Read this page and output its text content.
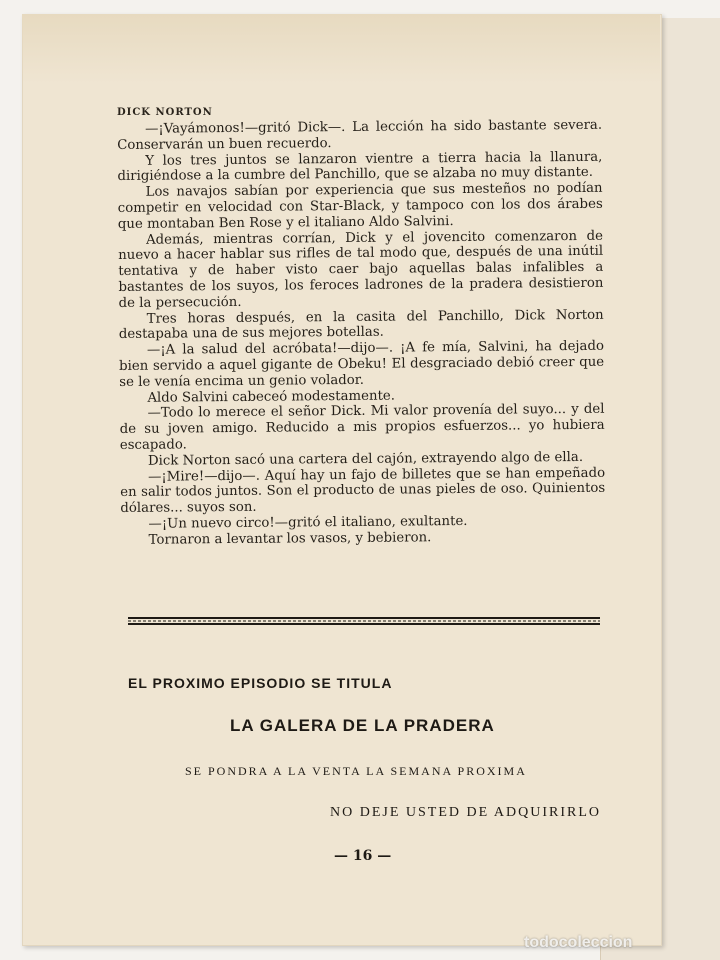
DICK NORTON

—¡Vayámonos!—gritó Dick—. La lección ha sido bastante severa. Conservarán un buen recuerdo.

Y los tres juntos se lanzaron vientre a tierra hacia la llanura, dirigiéndose a la cumbre del Panchillo, que se alzaba no muy distante.

Los navajos sabían por experiencia que sus mesteños no podían competir en velocidad con Star-Black, y tampoco con los dos árabes que montaban Ben Rose y el italiano Aldo Salvini.

Además, mientras corrían, Dick y el jovencito comenzaron de nuevo a hacer hablar sus rifles de tal modo que, después de una inútil tentativa y de haber visto caer bajo aquellas balas infalibles a bastantes de los suyos, los feroces ladrones de la pradera desistieron de la persecución.

Tres horas después, en la casita del Panchillo, Dick Norton destapaba una de sus mejores botellas.

—¡A la salud del acróbata!—dijo—. ¡A fe mía, Salvini, ha dejado bien servido a aquel gigante de Obeku! El desgraciado debió creer que se le venía encima un genio volador.

Aldo Salvini cabeceó modestamente.

—Todo lo merece el señor Dick. Mi valor provenía del suyo... y del de su joven amigo. Reducido a mis propios esfuerzos... yo hubiera escapado.

Dick Norton sacó una cartera del cajón, extrayendo algo de ella.

—¡Mire!—dijo—. Aquí hay un fajo de billetes que se han empeñado en salir todos juntos. Son el producto de unas pieles de oso. Quinientos dólares... suyos son.

—¡Un nuevo circo!—gritó el italiano, exultante.

Tornaron a levantar los vasos, y bebieron.

EL PROXIMO EPISODIO SE TITULA
LA GALERA DE LA PRADERA
SE PONDRA A LA VENTA LA SEMANA PROXIMA
NO DEJE USTED DE ADQUIRIRLO
— 16 —
todocoleccion
